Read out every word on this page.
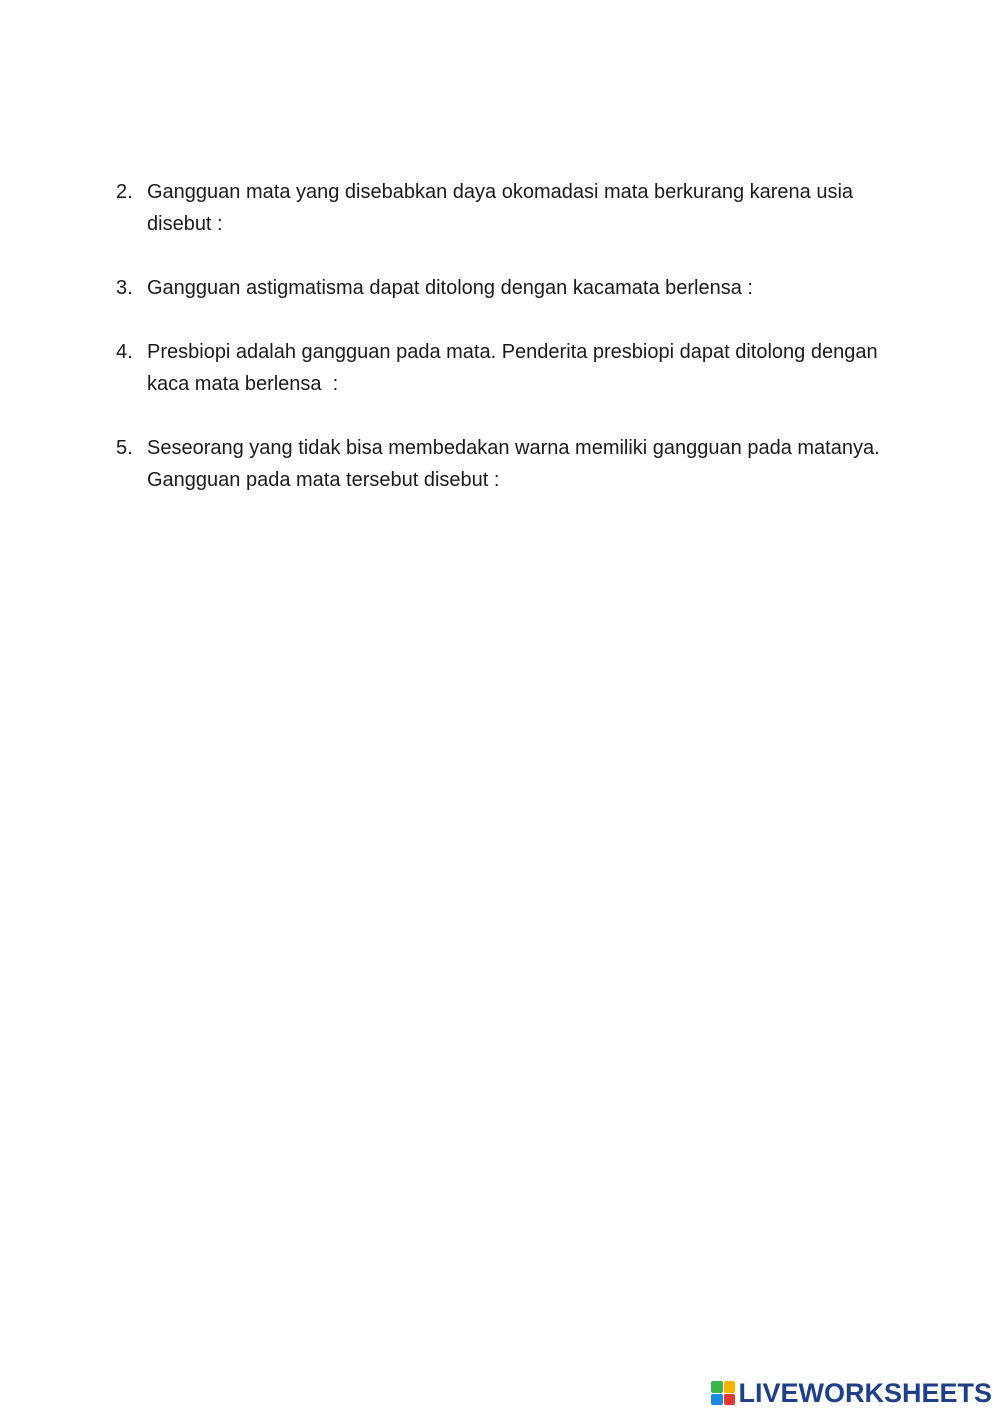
2. Gangguan mata yang disebabkan daya okomadasi mata berkurang karena usia disebut :
3. Gangguan astigmatisma dapat ditolong dengan kacamata berlensa :
4. Presbiopi adalah gangguan pada mata. Penderita presbiopi dapat ditolong dengan kaca mata berlensa  :
5. Seseorang yang tidak bisa membedakan warna memiliki gangguan pada matanya. Gangguan pada mata tersebut disebut :
LIVEWORKSHEETS
